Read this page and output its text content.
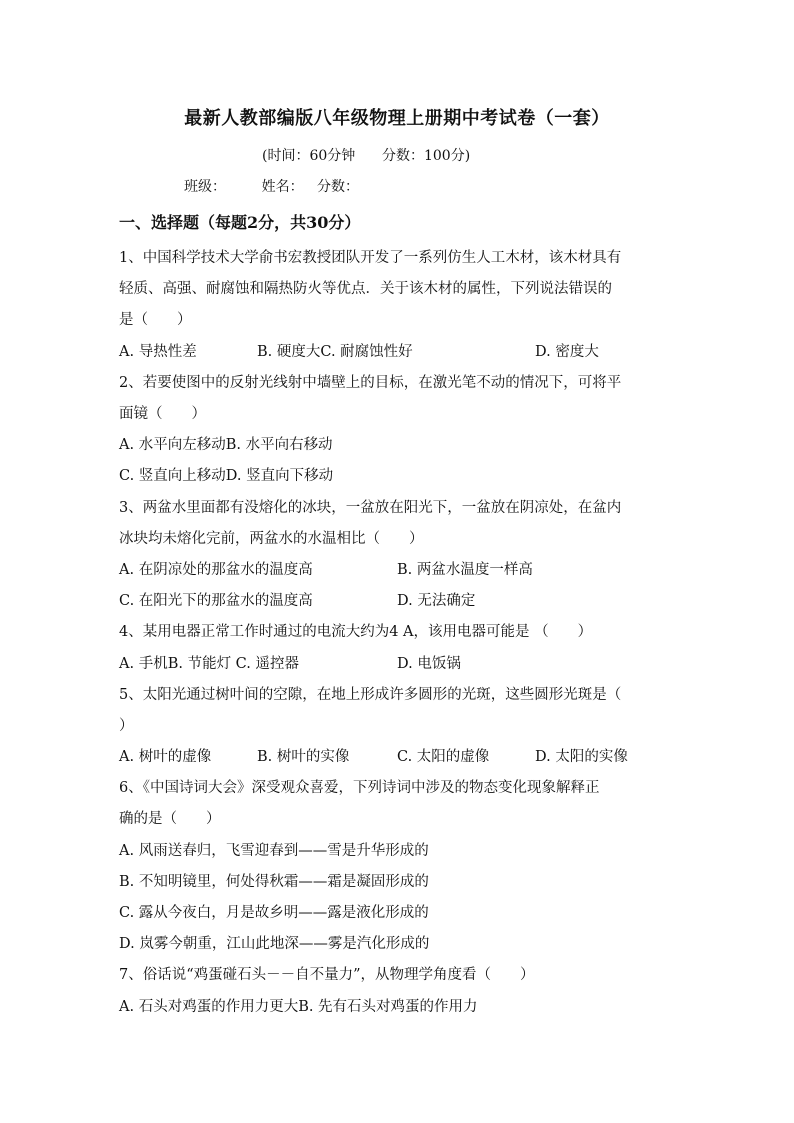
最新人教部编版八年级物理上册期中考试卷（一套）
(时间：60分钟      分数：100分)
班级：	姓名： 分数：
一、选择题（每题2分，共30分）
1、中国科学技术大学俞书宏教授团队开发了一系列仿生人工木材，该木材具有
轻质、高强、耐腐蚀和隔热防火等优点．关于该木材的属性，下列说法错误的
是（　　）
A. 导热性差	B. 硬度大C. 耐腐蚀性好	D. 密度大
2、若要使图中的反射光线射中墙壁上的目标，在激光笔不动的情况下，可将平
面镜（　　）
A. 水平向左移动B. 水平向右移动
C. 竖直向上移动D. 竖直向下移动
3、两盆水里面都有没熔化的冰块，一盆放在阳光下，一盆放在阴凉处，在盆内
冰块均未熔化完前，两盆水的水温相比（　　）
A. 在阴凉处的那盆水的温度高	B. 两盆水温度一样高
C. 在阳光下的那盆水的温度高	D. 无法确定
4、某用电器正常工作时通过的电流大约为4 A，该用电器可能是 （　　）
A. 手机B. 节能灯 C. 遥控器	D. 电饭锅
5、太阳光通过树叶间的空隙，在地上形成许多圆形的光斑，这些圆形光斑是（
）
A. 树叶的虚像	B. 树叶的实像	C. 太阳的虚像	D. 太阳的实像
6、《中国诗词大会》深受观众喜爱，下列诗词中涉及的物态变化现象解释正
确的是（　　）
A. 风雨送春归，飞雪迎春到——雪是升华形成的
B. 不知明镜里，何处得秋霜——霜是凝固形成的
C. 露从今夜白，月是故乡明——露是液化形成的
D. 岚雾今朝重，江山此地深——雾是汽化形成的
7、俗话说“鸡蛋碰石头－－自不量力”，从物理学角度看（　　）
A. 石头对鸡蛋的作用力更大B. 先有石头对鸡蛋的作用力
